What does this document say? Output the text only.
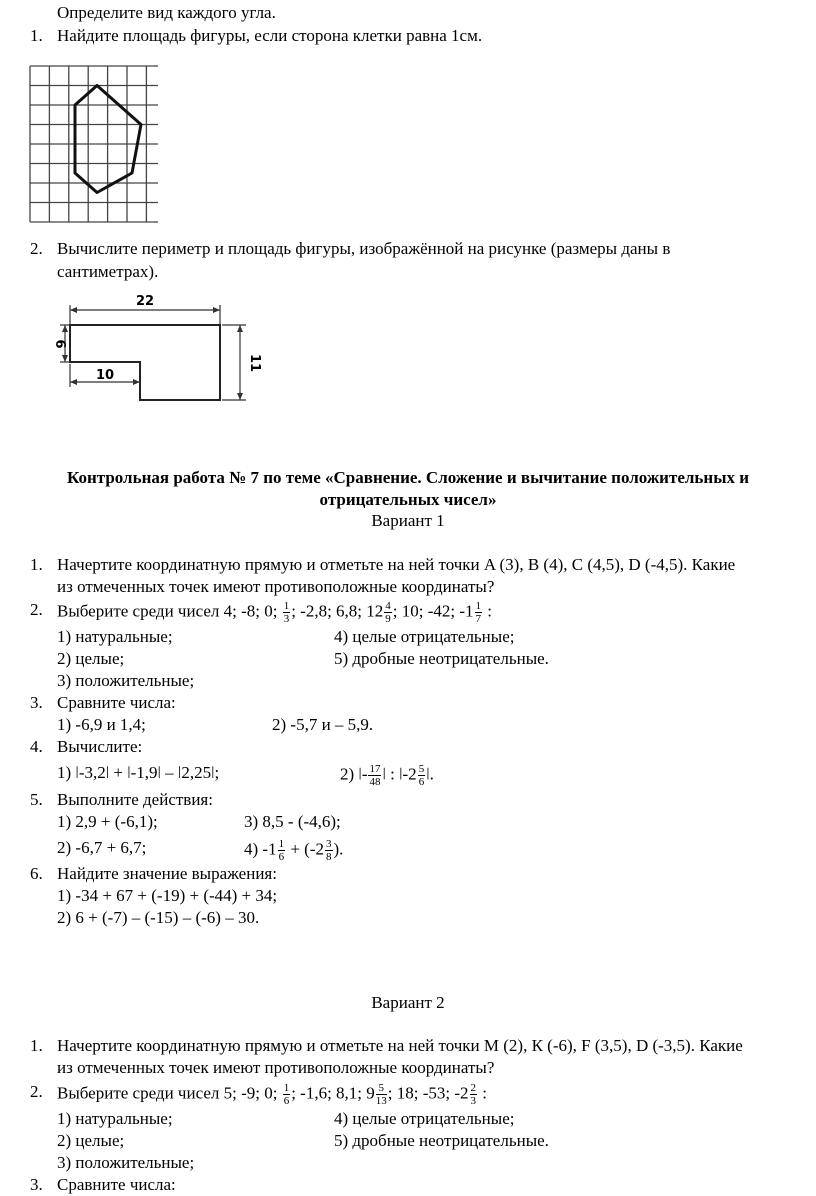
Определите вид каждого угла.
1. Найдите площадь фигуры, если сторона клетки равна 1см.
2. Вычислите периметр и площадь фигуры, изображённой на рисунке (размеры даны в
сантиметрах).
22
6
11
10
Контрольная работа № 7 по теме «Сравнение. Сложение и вычитание положительных и
отрицательных чисел»
Вариант 1
1. Начертите координатную прямую и отметьте на ней точки A (3), B (4), C (4,5), D (-4,5). Какие
из отмеченных точек имеют противоположные координаты?
2. Выберите среди чисел 4; -8; 0; $\frac{1}{3}$ ; -2,8; 6,8; $12 \frac{4}{9}$ ; 10; -42; $-1 \frac{1}{7}$ :
1) натуральные;	4) целые отрицательные;
2) целые;	5) дробные неотрицательные.
3) положительные;
3. Сравните числа:
1) -6,9 и 1,4;	2) -5,7 и – 5,9.
4. Вычислите:
1) ǀ-3,2ǀ + ǀ-1,9ǀ – ǀ2,25ǀ;	2) ǀ- $\frac{17}{48}$ ǀ : ǀ-2 $\frac{5}{6}$ ǀ.
5. Выполните действия:
1) 2,9 + (-6,1);	3) 8,5 - (-4,6);
2) -6,7 + 6,7;	4) $-1 \frac{1}{6} + (-2 \frac{3}{8}$ ).
6. Найдите значение выражения:
1) -34 + 67 + (-19) + (-44) + 34;
2) 6 + (-7) – (-15) – (-6) – 30.
Вариант 2
1. Начертите координатную прямую и отметьте на ней точки M (2), К (-6), F (3,5), D (-3,5). Какие
из отмеченных точек имеют противоположные координаты?
2. Выберите среди чисел 5; -9; 0; $\frac{1}{6}$ ; -1,6; 8,1; $9 \frac{5}{13}$ ; 18; -53; $-2 \frac{2}{3}$ :
1) натуральные;	4) целые отрицательные;
2) целые;	5) дробные неотрицательные.
3) положительные;
3. Сравните числа:
